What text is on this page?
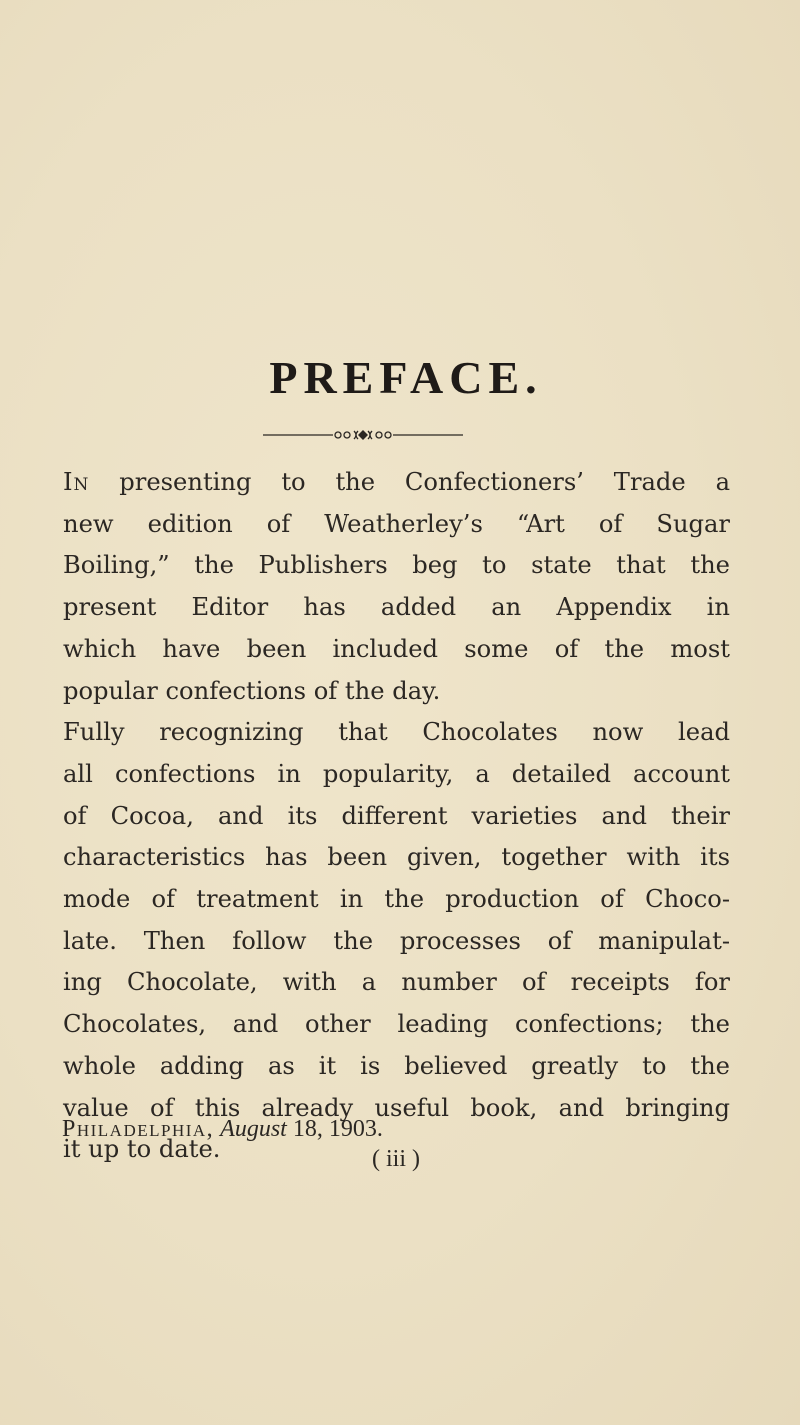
PREFACE.
In presenting to the Confectioners’ Trade a
new edition of Weatherley’s “Art of Sugar
Boiling,” the Publishers beg to state that the
present Editor has added an Appendix in
which have been included some of the most
popular confections of the day.
Fully recognizing that Chocolates now lead
all confections in popularity, a detailed account
of Cocoa, and its different varieties and their
characteristics has been given, together with its
mode of treatment in the production of Choco-
late. Then follow the processes of manipulat-
ing Chocolate, with a number of receipts for
Chocolates, and other leading confections; the
whole adding as it is believed greatly to the
value of this already useful book, and bringing
it up to date.
Philadelphia, August 18, 1903.
( iii )
